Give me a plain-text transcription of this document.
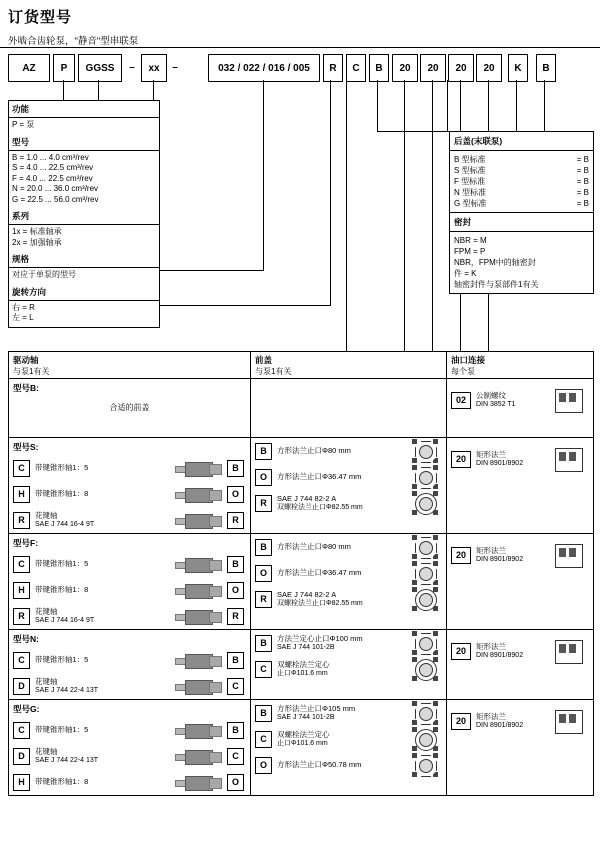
订货型号
外啮合齿轮泵，"静音"型串联泵
AZ	P	GGSS	–	xx	–	032 / 022 / 016 / 005	R	C	B	20	20	20	20	K	B
功能
P = 泵
型号
B = 1.0 ... 4.0 cm³/rev
S = 4.0 ... 22.5 cm³/rev
F = 4.0 ... 22.5 cm³/rev
N = 20.0 ... 36.0 cm³/rev
G = 22.5 ... 56.0 cm³/rev
系列
1x = 标准轴承
2x = 加强轴承
规格
对应于单泵的型号
旋转方向
右 = R
左 = L
后盖(末联泵)
B 型标准	= B
S 型标准	= B
F 型标准	= B
N 型标准	= B
G 型标准	= B
密封
NBR = M
FPM = P
NBR，FPM中的轴密封
件 = K
轴密封件与泵部件1有关
驱动轴
与泵1有关
前盖
与泵1有关
油口连接
每个泵
型号B:
合适的前盖
02	公制螺纹
DIN 3852 T1
型号S:
C	带键锥形轴1：5	B
H	带键锥形轴1：8	O
R	花键轴
SAE J 744 16-4 9T	R
B	方形法兰止口Φ80 mm
O	方形法兰止口Φ36.47 mm
R	SAE J 744 82-2 A
双螺栓法兰止口Φ82.55 mm
20	矩形法兰
DIN 8901/8902
型号F:
C	带键锥形轴1：5	B
H	带键锥形轴1：8	O
R	花键轴
SAE J 744 16-4 9T	R
B	方形法兰止口Φ80 mm
O	方形法兰止口Φ36.47 mm
R	SAE J 744 82-2 A
双螺栓法兰止口Φ82.55 mm
20	矩形法兰
DIN 8901/8902
型号N:
C	带键锥形轴1：5	B
D	花键轴
SAE J 744 22-4 13T	C
B	方法兰定心止口Φ100 mm
SAE J 744 101-2B
C	双螺栓法兰定心
止口Φ101.6 mm
20	矩形法兰
DIN 8901/8902
型号G:
C	带键锥形轴1：5	B
D	花键轴
SAE J 744 22-4 13T	C
H	带键锥形轴1：8	O
B	方形法兰止口Φ105 mm
SAE J 744 101-2B
C	双螺栓法兰定心
止口Φ101.6 mm
O	方形法兰止口Φ50.78 mm
20	矩形法兰
DIN 8901/8902
